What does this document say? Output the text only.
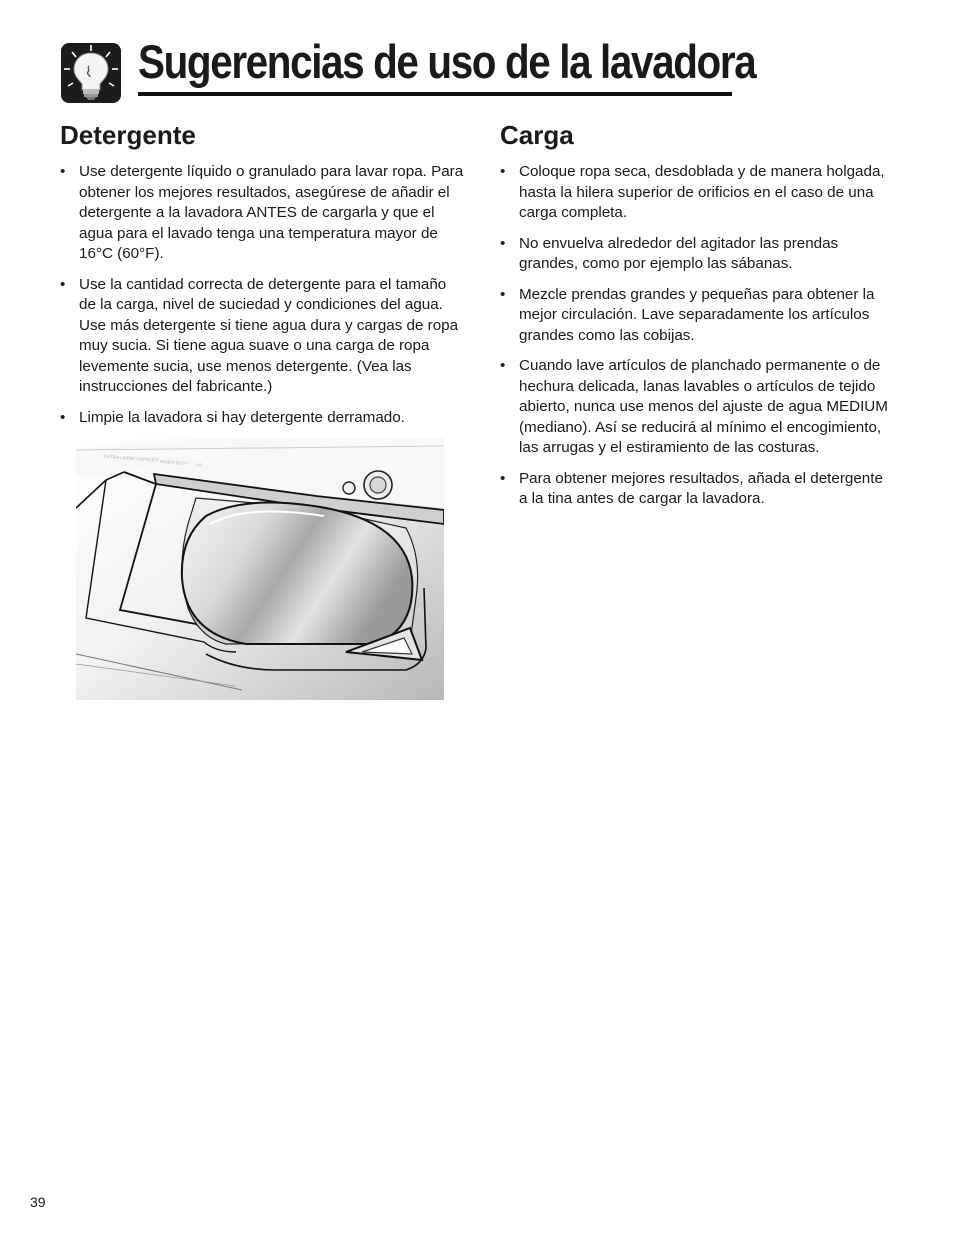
Sugerencias de uso de la lavadora
Detergente
• Use detergente líquido o granulado para lavar ropa. Para obtener los mejores resultados, asegúrese de añadir el detergente a la lavadora ANTES de cargarla y que el agua para el lavado tenga una temperatura mayor de 16°C (60°F).
• Use la cantidad correcta de detergente para el tamaño de la carga, nivel de suciedad y condiciones del agua. Use más detergente si tiene agua dura y cargas de ropa muy sucia. Si tiene agua suave o una carga de ropa levemente sucia, use menos detergente. (Vea las instrucciones del fabricante.)
• Limpie la lavadora si hay detergente derramado.
Carga
• Coloque ropa seca, desdoblada y de manera holgada, hasta la hilera superior de orificios en el caso de una carga completa.
• No envuelva alrededor del agitador las prendas grandes, como por ejemplo las sábanas.
• Mezcle prendas grandes y pequeñas para obtener la mejor circulación. Lave separadamente los artículos grandes como las cobijas.
• Cuando lave artículos de planchado permanente o de hechura delicada, lanas lavables o artículos de tejido abierto, nunca use menos del ajuste de agua MEDIUM (mediano). Así se reducirá al mínimo el encogimiento, las arrugas y el estiramiento de las costuras.
• Para obtener mejores resultados, añada el detergente a la tina antes de cargar la lavadora.
EXTRA LARGE CAPACITY HEAVY DUTY LA
39
